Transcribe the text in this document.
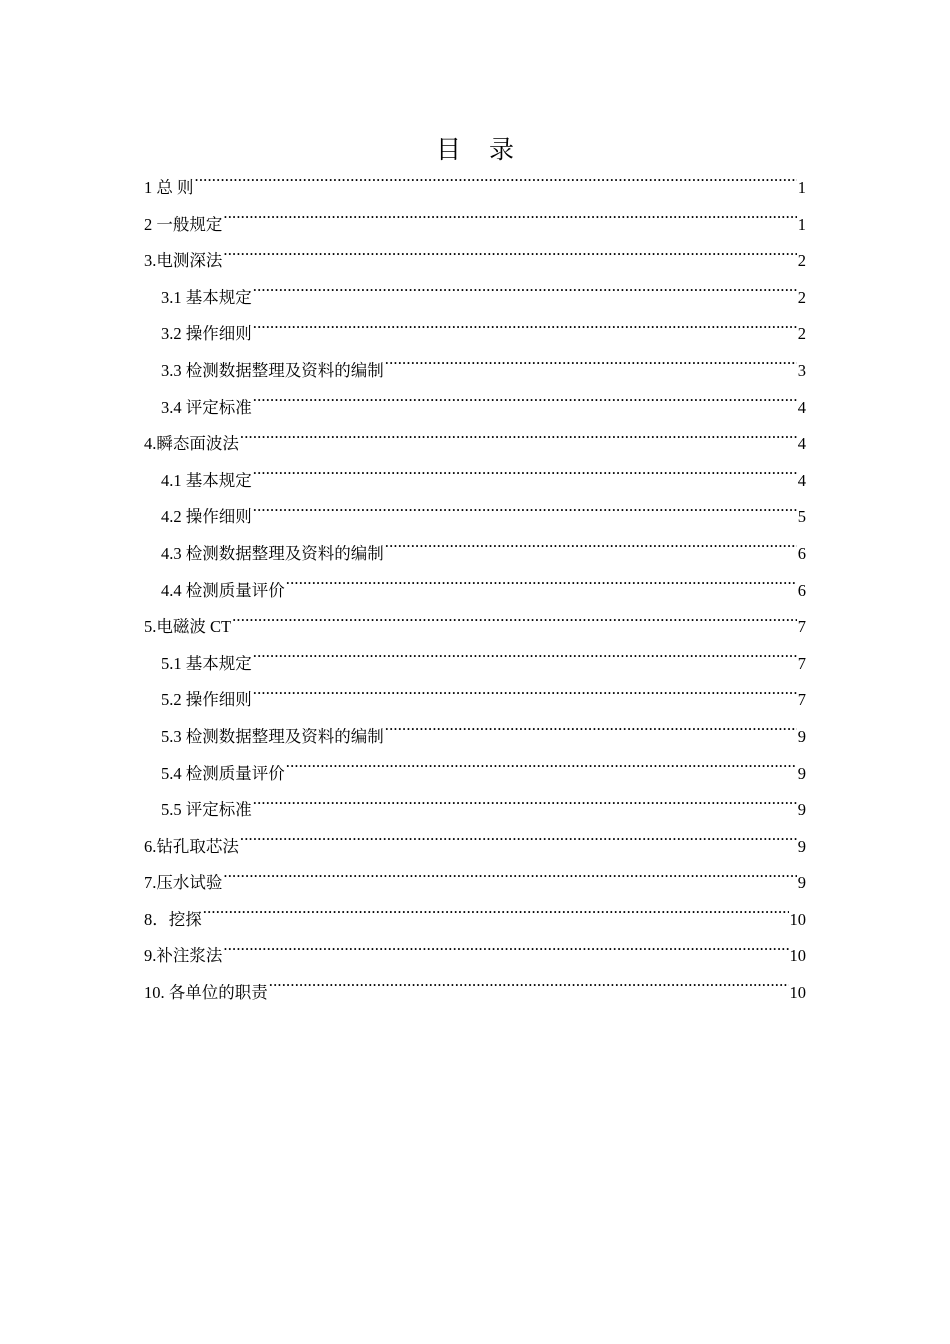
目 录
1 总 则 .....	1
2 一般规定 .....	1
3.电测深法 .....	2
3.1 基本规定 .....	2
3.2 操作细则 .....	2
3.3 检测数据整理及资料的编制 .....	3
3.4 评定标准 .....	4
4.瞬态面波法 .....	4
4.1 基本规定 .....	4
4.2 操作细则 .....	5
4.3 检测数据整理及资料的编制 .....	6
4.4 检测质量评价 .....	6
5.电磁波 CT .....	7
5.1 基本规定 .....	7
5.2 操作细则 .....	7
5.3 检测数据整理及资料的编制 .....	9
5.4 检测质量评价 .....	9
5.5 评定标准 .....	9
6.钻孔取芯法 .....	9
7.压水试验 .....	9
8．挖探 .....	10
9.补注浆法 .....	10
10. 各单位的职责 .....	10
